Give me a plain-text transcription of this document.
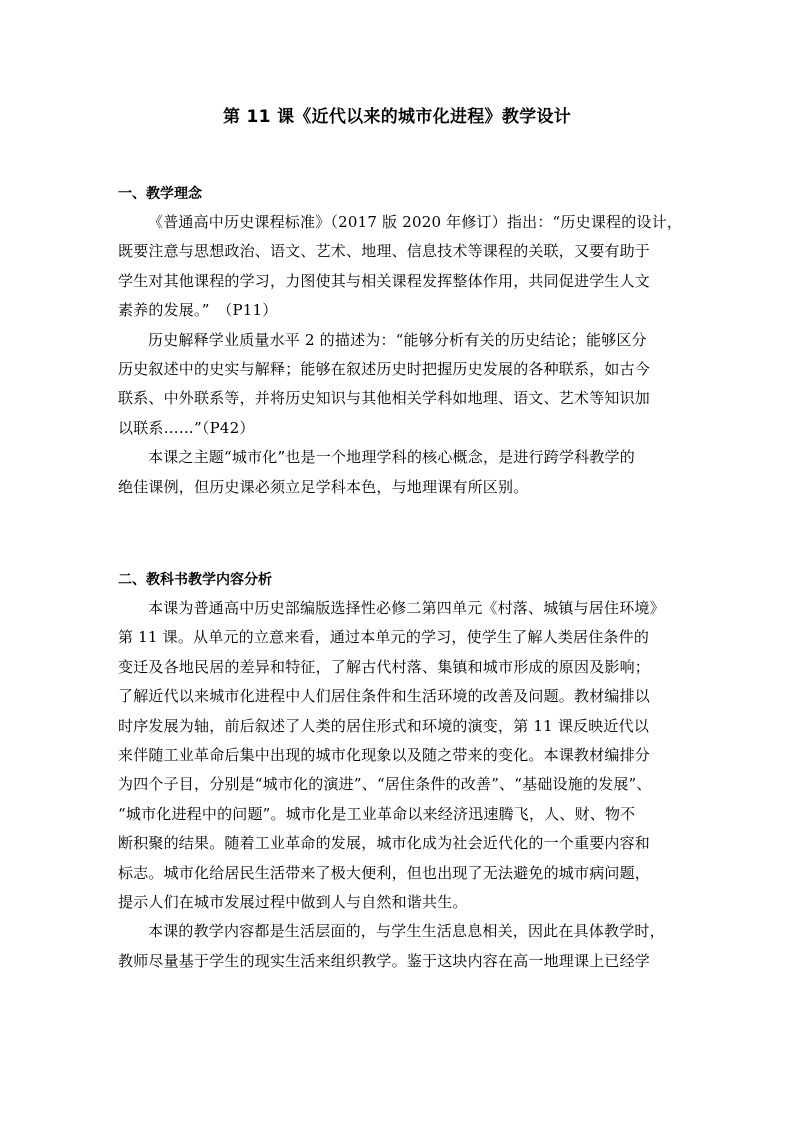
第 11 课《近代以来的城市化进程》教学设计
一、教学理念
《普通高中历史课程标准》（2017 版 2020 年修订）指出：“历史课程的设计，
既要注意与思想政治、语文、艺术、地理、信息技术等课程的关联，又要有助于
学生对其他课程的学习，力图使其与相关课程发挥整体作用，共同促进学生人文
素养的发展。”　（P11）
历史解释学业质量水平 2 的描述为：“能够分析有关的历史结论；能够区分
历史叙述中的史实与解释；能够在叙述历史时把握历史发展的各种联系，如古今
联系、中外联系等，并将历史知识与其他相关学科如地理、语文、艺术等知识加
以联系……”（P42）
本课之主题“城市化”也是一个地理学科的核心概念，是进行跨学科教学的
绝佳课例，但历史课必须立足学科本色，与地理课有所区别。
二、教科书教学内容分析
本课为普通高中历史部编版选择性必修二第四单元《村落、城镇与居住环境》
第 11 课。从单元的立意来看，通过本单元的学习，使学生了解人类居住条件的
变迁及各地民居的差异和特征，了解古代村落、集镇和城市形成的原因及影响；
了解近代以来城市化进程中人们居住条件和生活环境的改善及问题。教材编排以
时序发展为轴，前后叙述了人类的居住形式和环境的演变，第 11 课反映近代以
来伴随工业革命后集中出现的城市化现象以及随之带来的变化。本课教材编排分
为四个子目，分别是“城市化的演进”、“居住条件的改善”、“基础设施的发展”、
“城市化进程中的问题”。城市化是工业革命以来经济迅速腾飞，人、财、物不
断积聚的结果。随着工业革命的发展，城市化成为社会近代化的一个重要内容和
标志。城市化给居民生活带来了极大便利，但也出现了无法避免的城市病问题，
提示人们在城市发展过程中做到人与自然和谐共生。
本课的教学内容都是生活层面的，与学生生活息息相关，因此在具体教学时，
教师尽量基于学生的现实生活来组织教学。鉴于这块内容在高一地理课上已经学
